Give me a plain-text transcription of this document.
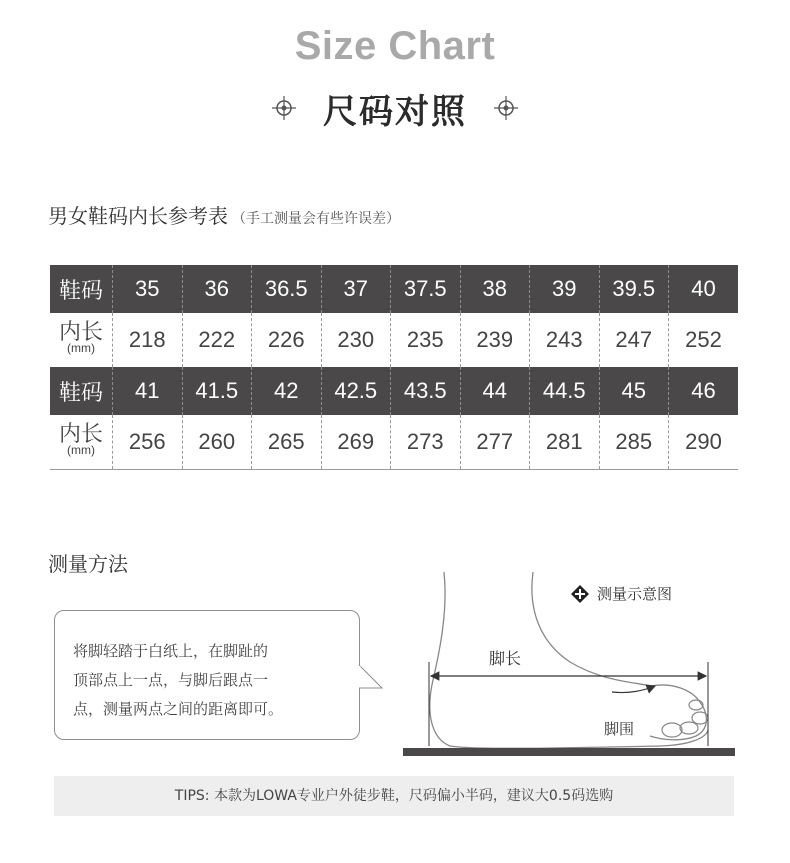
Size Chart
尺码对照
男女鞋码内长参考表 （手工测量会有些许误差）
鞋码	35	36	36.5	37	37.5	38	39	39.5	40

内长
(mm)	218	222	226	230	235	239	243	247	252
鞋码	41	41.5	42	42.5	43.5	44	44.5	45	46

内长
(mm)	256	260	265	269	273	277	281	285	290
测量方法
将脚轻踏于白纸上，在脚趾的
顶部点上一点，与脚后跟点一
点，测量两点之间的距离即可。
测量示意图
脚长
脚围
TIPS: 本款为LOWA专业户外徒步鞋，尺码偏小半码，建议大0.5码选购
